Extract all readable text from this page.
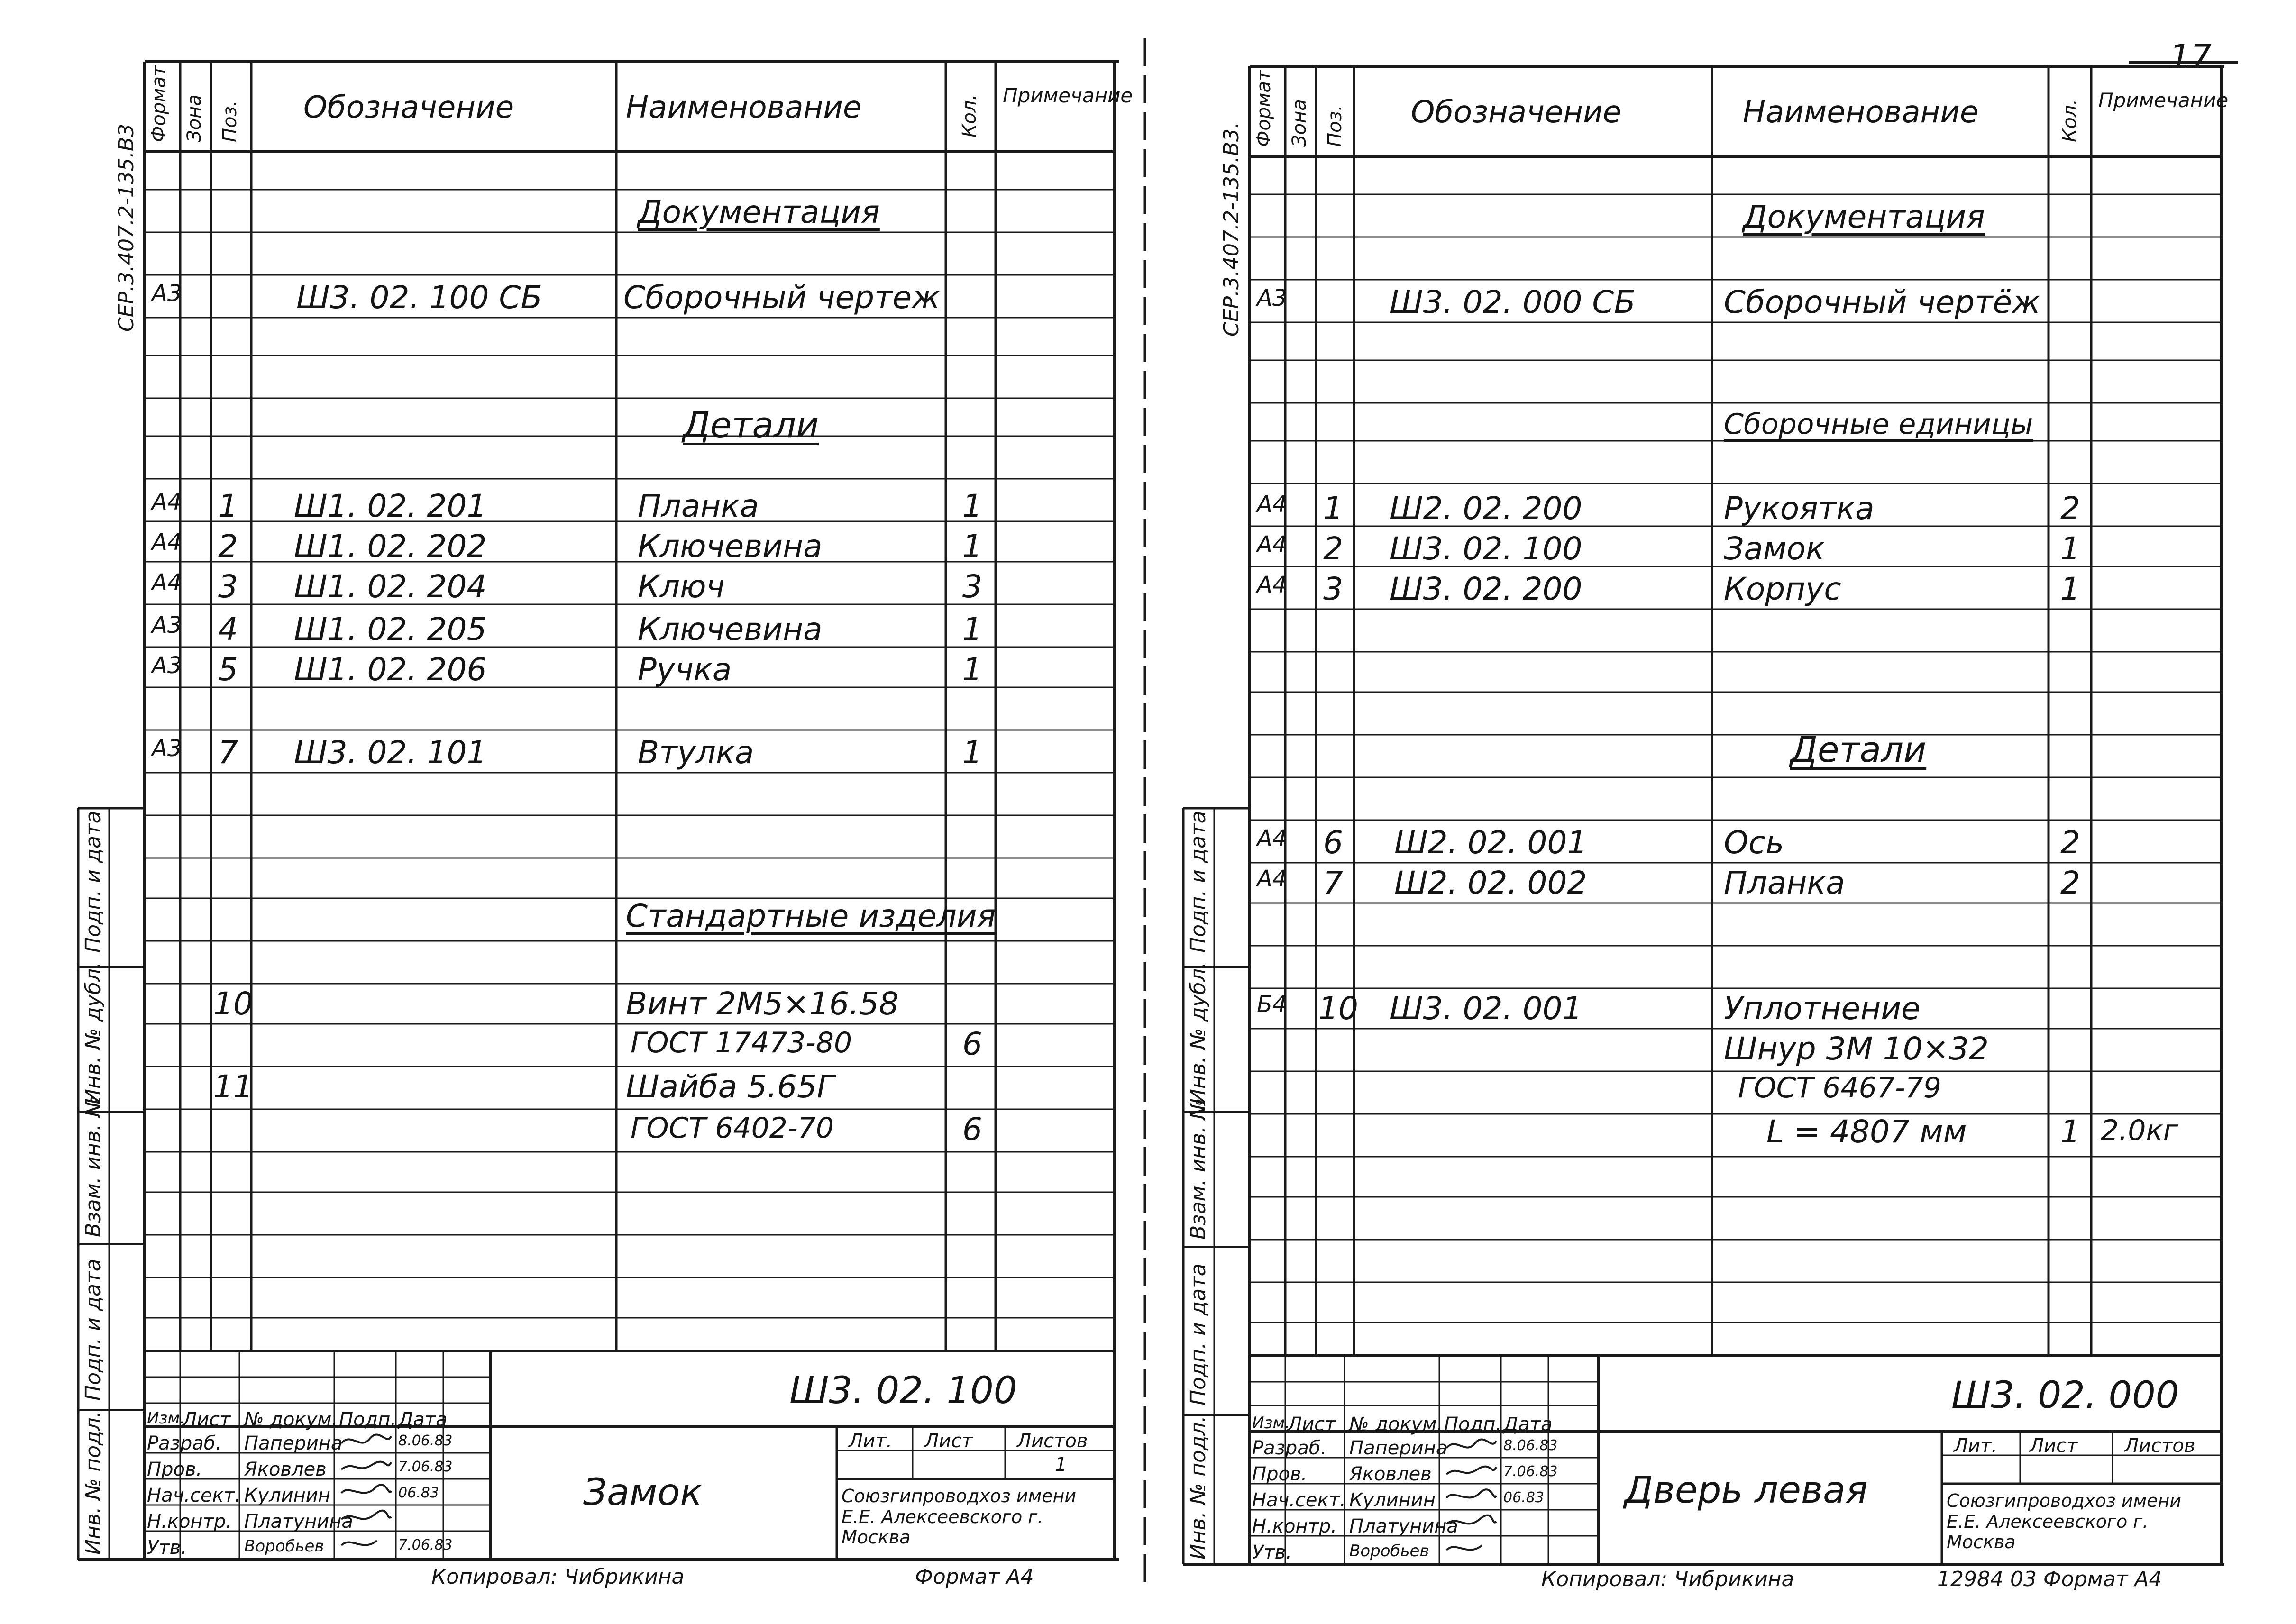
СЕР.3.407.2-135.В3
Формат Зона Поз. Обозначение	Наименование	Кол. Примечание
Документация
Детали
Стандартные изделия
А3	Ш3. 02. 100 СБ	Сборочный чертеж
А4 1 Ш1. 02. 201	Планка	1
А4 2 Ш1. 02. 202	Ключевина	1
А4 3 Ш1. 02. 204	Ключ	3
А3 4 Ш1. 02. 205	Ключевина	1
А3 5 Ш1. 02. 206	Ручка	1
А3 7 Ш3. 02. 101	Втулка	1
10	Винт 2М5×16.58
ГОСТ 17473-80	6
11	Шайба 5.65Г
ГОСТ 6402-70	6
Подп. и дата
Инв. № дубл.
Взам. инв. №
Подп. и дата
Инв. № подл.
Ш3. 02. 100
Замок
Изм.
Лист № докум. Подп. Дата
Разраб.
Пров.
Нач.сект.
Н.контр.
Утв.
Паперина
Яковлев
Кулинин
Платунина
Воробьев
8.06.83
7.06.83
06.83
7.06.83
Лит. Лист Листов
1
Союзгипроводхоз имени Е.Е. Алексеевского г. Москва
Копировал: Чибрикина	Формат А4
17
СЕР.3.407.2-135.В3.
Формат Зона Поз. Обозначение	Наименование	Кол. Примечание
Документация
Сборочные единицы
Детали
А3	Ш3. 02. 000 СБ	Сборочный чертёж
А4 1 Ш2. 02. 200	Рукоятка	2
А4 2 Ш3. 02. 100	Замок	1
А4 3 Ш3. 02. 200	Корпус	1
А4 6 Ш2. 02. 001	Ось	2
А4 7 Ш2. 02. 002	Планка	2
Б4 10 Ш3. 02. 001	Уплотнение
Шнур 3М 10×32
ГОСТ 6467-79
L = 4807 мм	1 2.0кг
Подп. и дата
Инв. № дубл.
Взам. инв. №
Подп. и дата
Инв. № подл.
Ш3. 02. 000
Дверь левая
Изм.
Лист № докум. Подп. Дата
Разраб.
Пров.
Нач.сект.
Н.контр.
Утв.
Паперина
Яковлев
Кулинин
Платунина
Воробьев
8.06.83
7.06.83
06.83
Лит. Лист Листов
Союзгипроводхоз имени Е.Е. Алексеевского г. Москва
Копировал: Чибрикина	12984 03 Формат А4
